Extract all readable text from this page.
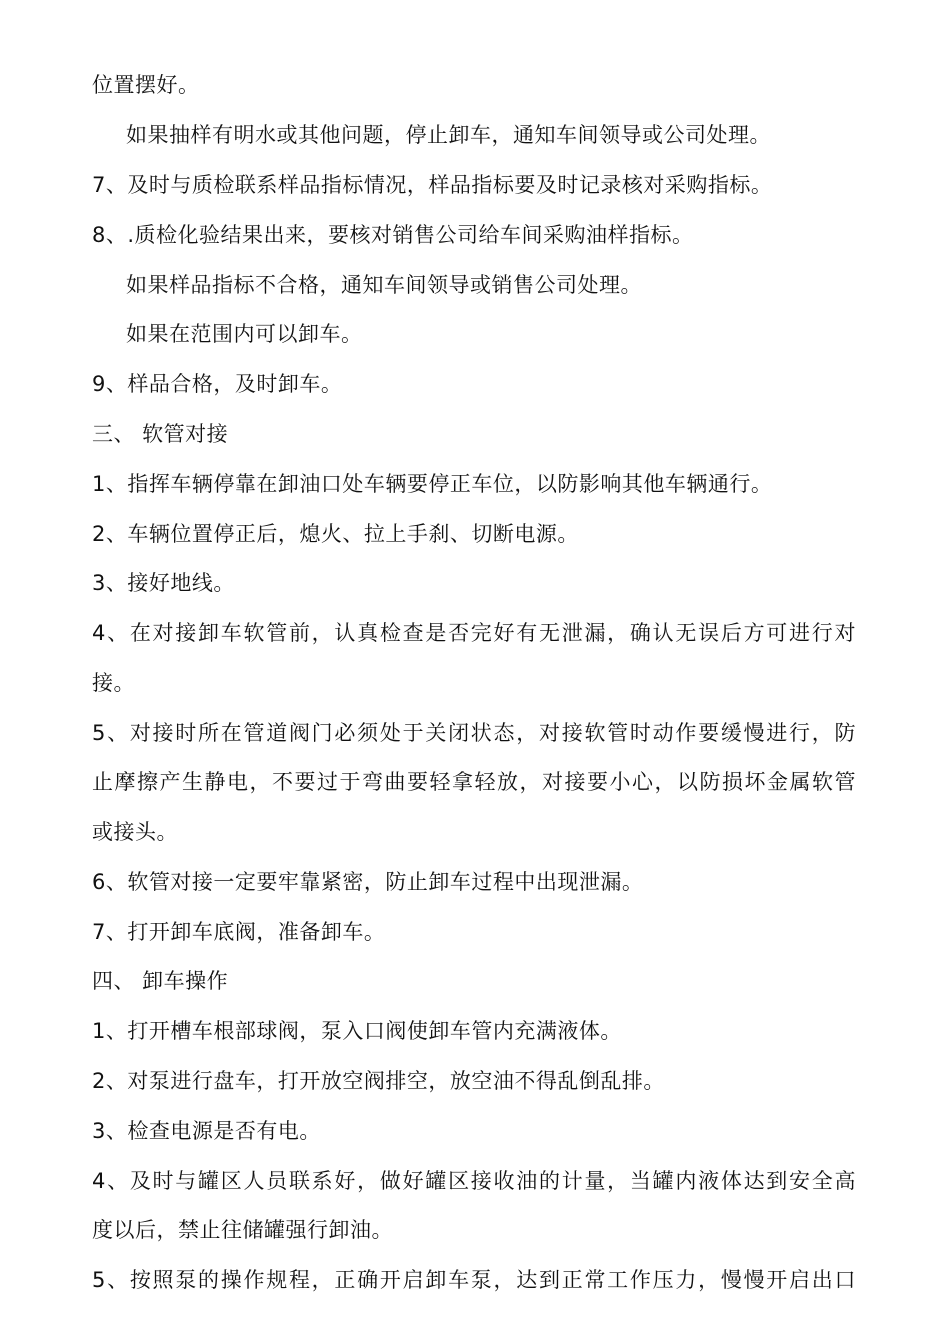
位置摆好。
如果抽样有明水或其他问题，停止卸车，通知车间领导或公司处理。
7、及时与质检联系样品指标情况，样品指标要及时记录核对采购指标。
8、.质检化验结果出来，要核对销售公司给车间采购油样指标。
如果样品指标不合格，通知车间领导或销售公司处理。
如果在范围内可以卸车。
9、样品合格，及时卸车。
三、 软管对接
1、指挥车辆停靠在卸油口处车辆要停正车位，以防影响其他车辆通行。
2、车辆位置停正后，熄火、拉上手刹、切断电源。
3、接好地线。
4、在对接卸车软管前，认真检查是否完好有无泄漏，确认无误后方可进行对
接。
5、对接时所在管道阀门必须处于关闭状态，对接软管时动作要缓慢进行，防
止摩擦产生静电，不要过于弯曲要轻拿轻放，对接要小心，以防损坏金属软管
或接头。
6、软管对接一定要牢靠紧密，防止卸车过程中出现泄漏。
7、打开卸车底阀，准备卸车。
四、 卸车操作
1、打开槽车根部球阀，泵入口阀使卸车管内充满液体。
2、对泵进行盘车，打开放空阀排空，放空油不得乱倒乱排。
3、检查电源是否有电。
4、及时与罐区人员联系好，做好罐区接收油的计量，当罐内液体达到安全高
度以后，禁止往储罐强行卸油。
5、按照泵的操作规程，正确开启卸车泵，达到正常工作压力，慢慢开启出口
